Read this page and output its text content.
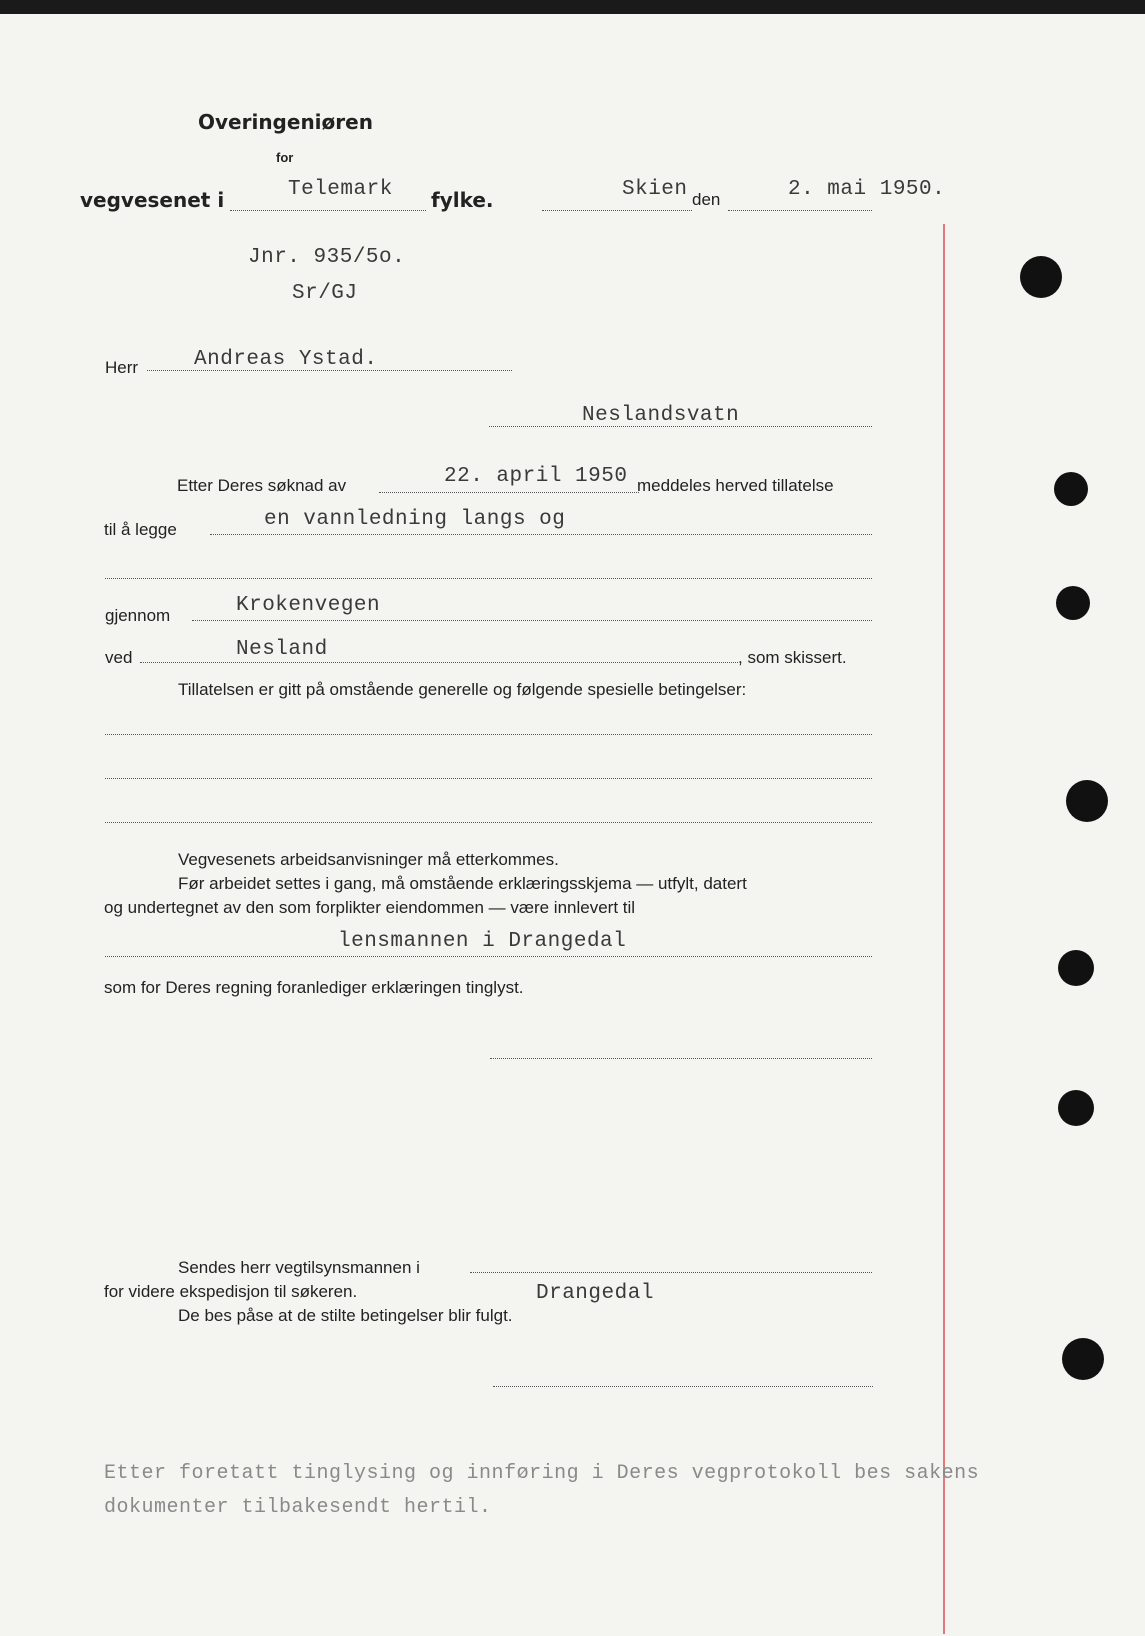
Overingeniøren
for
vegvesenet i	Telemark fylke.	Skien den	2. mai 1950.
Jnr. 935/5o.
Sr/GJ
Herr	Andreas Ystad.
Neslandsvatn
Etter Deres søknad av	22. april 1950 meddeles herved tillatelse
til å legge	en vannledning langs og
gjennom	Krokenvegen
ved	Nesland	, som skissert.
Tillatelsen er gitt på omstående generelle og følgende spesielle betingelser:
Vegvesenets arbeidsanvisninger må etterkommes.
Før arbeidet settes i gang, må omstående erklæringsskjema — utfylt, datert
og undertegnet av den som forplikter eiendommen — være innlevert til
lensmannen i Drangedal
som for Deres regning foranlediger erklæringen tinglyst.
Sendes herr vegtilsynsmannen i
for videre ekspedisjon til søkeren.	Drangedal
De bes påse at de stilte betingelser blir fulgt.
Etter foretatt tinglysing og innføring i Deres vegprotokoll bes sakens
dokumenter tilbakesendt hertil.
